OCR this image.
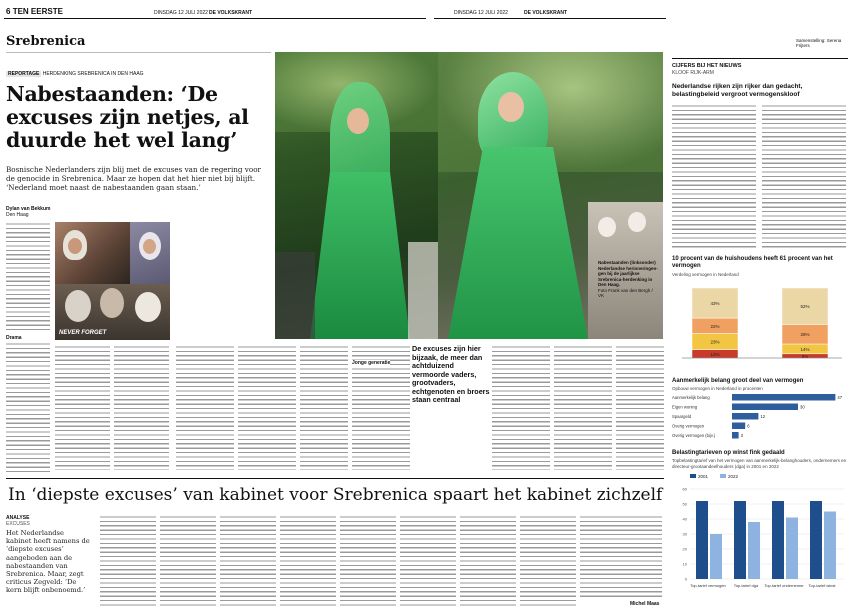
6 TEN EERSTE	DINSDAG 12 JULI 2022 DE VOLKSKRANT
Srebrenica
REPORTAGE HERDENKING SREBRENICA IN DEN HAAG
Nabestaanden: ‘De excuses zijn netjes, al duurde het wel lang’
Bosnische Nederlanders zijn blij met de excuses van de regering voor de genocide in Srebrenica. Maar ze hopen dat het hier niet bij blijft. ‘Nederland moet naast de nabestaanden gaan staan.’
Dylan van Bekkum
Den Haag
Drama
NEVER FORGET
Nabestaanden (linksonder) Nederlandse herinneringen-gen bij de jaarlijkse Srebrenica-herdenking in Den Haag.
Foto Frank van den Bergh / VK
Jonge generatie
De excuses zijn hier bijzaak, de meer dan achtduizend vermoorde vaders, grootvaders, echtgenoten en broers staan centraal
In ‘diepste excuses’ van kabinet voor Srebrenica spaart het kabinet zichzelf
ANALYSE
EXCUSES
Het Nederlandse kabinet heeft namens de ‘diepste excuses’ aangeboden aan de nabestaanden van Srebrenica. Maar, zegt criticus Zegveld: ‘De kern blijft onbenoemd.’
Michel Maas
DINSDAG 12 JULI 2022	DE VOLKSKRANT
Samenstelling: Serena Frijters
CIJFERS BIJ HET NIEUWS
KLOOF RIJK-ARM
Nederlandse rijken zijn rijker dan gedacht, belastingbeleid vergroot vermogenskloof
10 procent van de huishoudens heeft 61 procent van het vermogen
Verdeling vermogen in Nederland
12%
23%
22%
43%
6%
14%
28%
52%
Aanmerkelijk belang groot deel van vermogen
Opbouw vermogen in Nederland in procenten
Aanmerkelijk belang	47
Eigen woning	30
Spaargeld	12
Overig vermogen	6
Overig vermogen (bijv.)	3
Belastingtarieven op winst fink gedaald
Topbelastingtarief van het vermogen van aanmerkelijk-belanghouders, ondernemers en directeur-grootaandeelhouders (dga) in 2001 en 2022
0
10
20
30
40
50
60
Top-tarief vermogen Top-tarief dga Top-tarief ondernemer Top-tarief winst
2001	2022
